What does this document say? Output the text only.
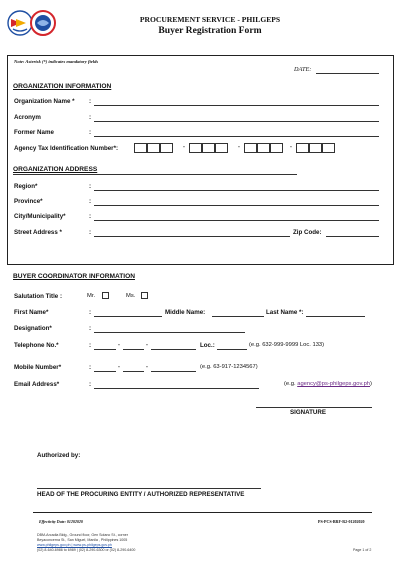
PROCUREMENT SERVICE - PHILGEPS
Buyer Registration Form
Note: Asterisk (*) indicates mandatory fields
DATE:
ORGANIZATION INFORMATION
Organization Name * :
Acronym	:
Former Name	:
Agency Tax Identification Number*:	-	-	-
ORGANIZATION ADDRESS
Region*	:
Province*	:
City/Municipality*	:
Street Address *	:	Zip Code:
BUYER COORDINATOR INFORMATION
Salutation Title :	Mr.	Ms.
First Name*	:	Middle Name:	Last Name *:
Designation*	:
Telephone No.*	:	-	-	Loc.:	(e.g. 632-999-9999 Loc. 133)
Mobile Number*	:	-	-	(e.g. 63-917-1234567)
Email Address*	:	(e.g. agency@ps-philgeps.gov.ph)
SIGNATURE
Authorized by:
HEAD OF THE PROCURING ENTITY / AUTHORIZED REPRESENTATIVE
Effectivity Date: 01202020	PS-PCS-BRF-R2-01202020
DBM-Arcadia Bldg., Ground floor, Gen Solano St., corner
Beyaconcerna St., San Miguel, Manila , Philippines 1005
www.philgeps.gov.ph | www.ps-philgeps.gov.ph
(02) 8-640-6986 to 6989 | (02) 8-290-6300 or (02) 8-290-6400	Page 1 of 2
